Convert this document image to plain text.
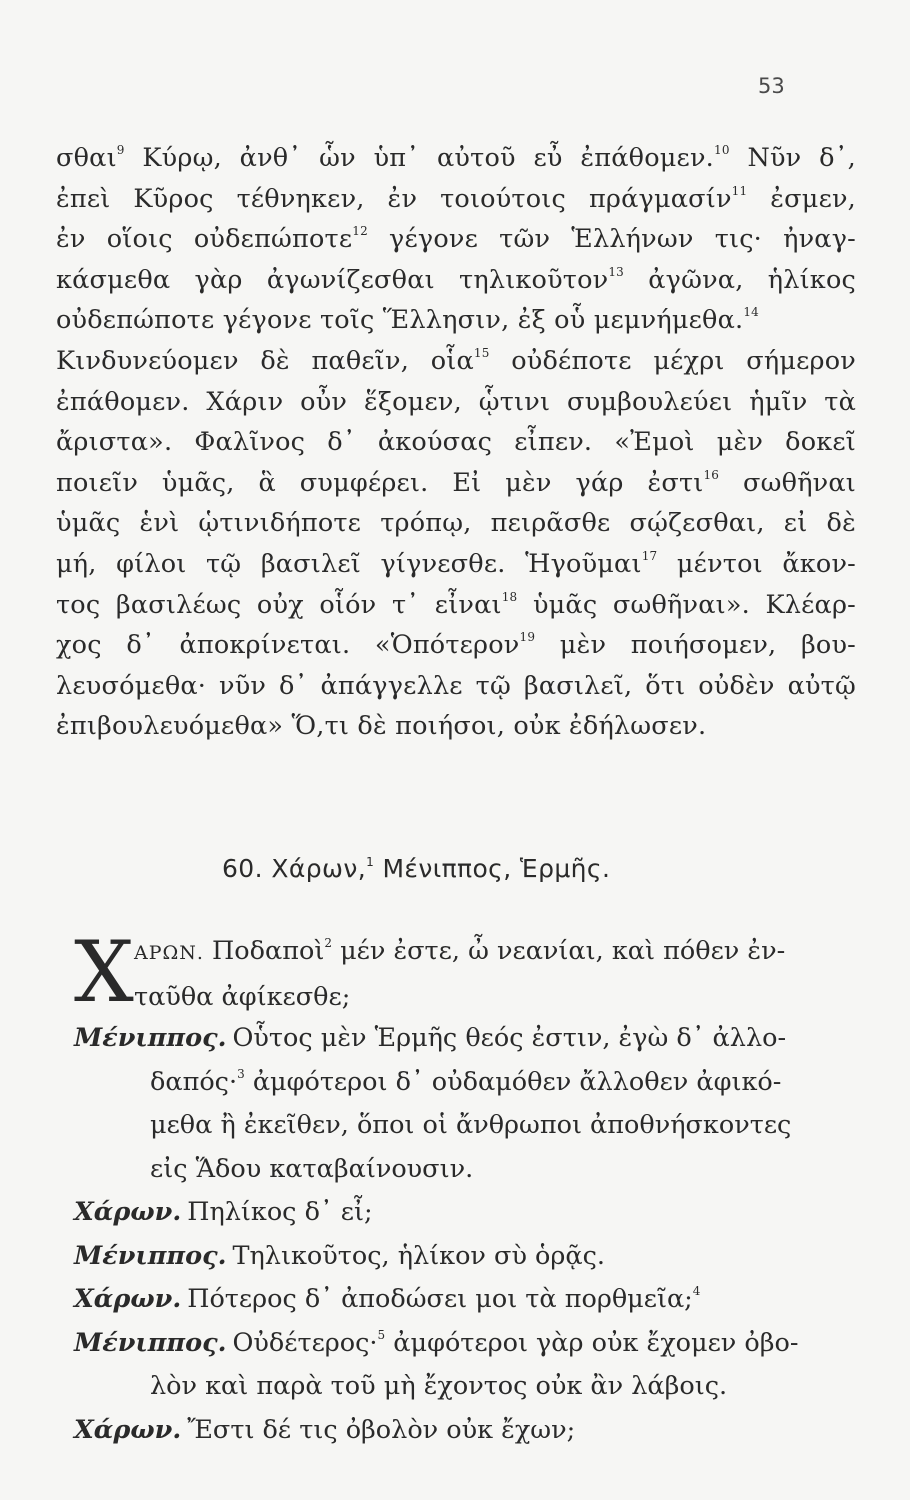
53
σθαι$^9$ Κύρῳ, ἀνθ᾽ ὧν ὑπ᾽ αὐτοῦ εὖ ἐπάθομεν.$^{10}$ Νῦν δ᾽,
ἐπεὶ Κῦρος τέθνηκεν, ἐν τοιούτοις πράγμασίν$^{11}$ ἐσμεν,
ἐν οἵοις οὐδεπώποτε$^{12}$ γέγονε τῶν Ἑλλήνων τις· ἠναγ-
κάσμεθα γὰρ ἀγωνίζεσθαι τηλικοῦτον$^{13}$ ἀγῶνα, ἡλίκος
οὐδεπώποτε γέγονε τοῖς Ἕλλησιν, ἐξ οὗ μεμνήμεθα.$^{14}$
Κινδυνεύομεν δὲ παθεῖν, οἷα$^{15}$ οὐδέποτε μέχρι σήμερον
ἐπάθομεν. Χάριν οὖν ἕξομεν, ᾧτινι συμβουλεύει ἡμῖν τὰ
ἄριστα». Φαλῖνος δ᾽ ἀκούσας εἶπεν. «Ἐμοὶ μὲν δοκεῖ
ποιεῖν ὑμᾶς, ἃ συμφέρει. Εἰ μὲν γάρ ἐστι$^{16}$ σωθῆναι
ὑμᾶς ἑνὶ ᾡτινιδήποτε τρόπῳ, πειρᾶσθε σῴζεσθαι, εἰ δὲ
μή, φίλοι τῷ βασιλεῖ γίγνεσθε. Ἡγοῦμαι$^{17}$ μέντοι ἄκον-
τος βασιλέως οὐχ οἷόν τ᾽ εἶναι$^{18}$ ὑμᾶς σωθῆναι». Κλέαρ-
χος δ᾽ ἀποκρίνεται. «Ὁπότερον$^{19}$ μὲν ποιήσομεν, βου-
λευσόμεθα· νῦν δ᾽ ἀπάγγελλε τῷ βασιλεῖ, ὅτι οὐδὲν αὐτῷ
ἐπιβουλευόμεθα» Ὅ,τι δὲ ποιήσοι, οὐκ ἐδήλωσεν.
60. Χάρων,$^1$ Μένιππος, Ἑρμῆς.
Χ ΑΡΩΝ. Ποδαποὶ$^2$ μέν ἐστε, ὦ νεανίαι, καὶ πόθεν ἐν-
ταῦθα ἀφίκεσθε;
Μένιππος. Οὗτος μὲν Ἑρμῆς θεός ἐστιν, ἐγὼ δ᾽ ἀλλο-
δαπός·$^3$ ἀμφότεροι δ᾽ οὐδαμόθεν ἄλλοθεν ἀφικό-
μεθα ἢ ἐκεῖθεν, ὅποι οἱ ἄνθρωποι ἀποθνήσκοντες
εἰς Ἅδου καταβαίνουσιν.
Χάρων. Πηλίκος δ᾽ εἶ;
Μένιππος. Τηλικοῦτος, ἡλίκον σὺ ὁρᾷς.
Χάρων. Πότερος δ᾽ ἀποδώσει μοι τὰ πορθμεῖα;$^4$
Μένιππος. Οὐδέτερος·$^5$ ἀμφότεροι γὰρ οὐκ ἔχομεν ὀβο-
λὸν καὶ παρὰ τοῦ μὴ ἔχοντος οὐκ ἂν λάβοις.
Χάρων. Ἔστι δέ τις ὀβολὸν οὐκ ἔχων;
